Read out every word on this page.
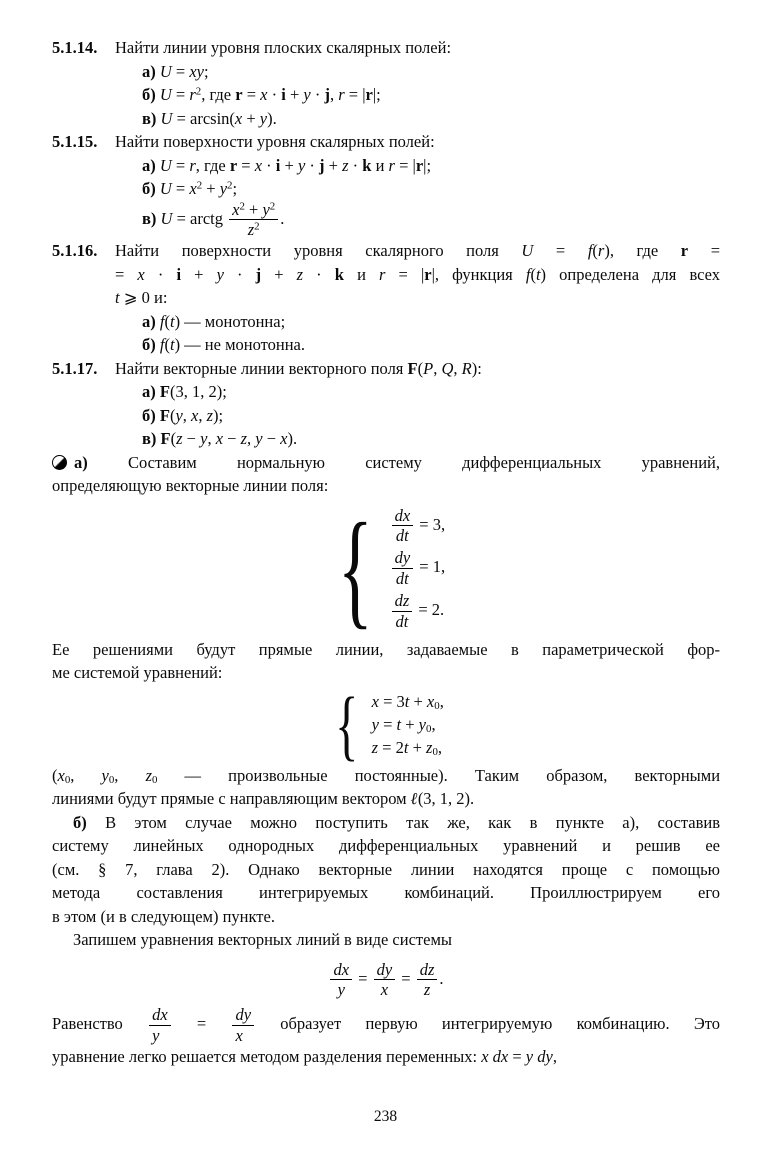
5.1.14. Найти линии уровня плоских скалярных полей:
а) U = xy;
б) $U = r^2$, где r = x · i + y · j, r = |r|;
в) U = arcsin(x + y).
5.1.15. Найти поверхности уровня скалярных полей:
а) U = r, где r = x · i + y · j + z · k и r = |r|;
б) $U = x^2 + y^2$;
в) U = arctg $\frac{x^2 + y^2}{z^2}$ .
5.1.16. Найти поверхности уровня скалярного поля U = f(r), где r =
= x · i + y · j + z · k и r = |r|, функция f(t) определена для всех
t ⩾ 0 и:
а) f(t) — монотонна;
б) f(t) — не монотонна.
5.1.17. Найти векторные линии векторного поля F(P, Q, R):
а) F(3, 1, 2);
б) F(y, x, z);
в) F(z − y, x − z, y − x).
а) Составим нормальную систему дифференциальных уравнений,
определяющую векторные линии поля:
{ $\frac{dx}{dt} = 3$,
$\frac{dy}{dt} = 1$,
$\frac{dz}{dt} = 2$.
Ее решениями будут прямые линии, задаваемые в параметрической фор-
ме системой уравнений:
{ x = 3t + x0,
y = t + y0,
z = 2t + z0,
(x0, y0, z0 — произвольные постоянные). Таким образом, векторными
линиями будут прямые с направляющим вектором ℓ(3, 1, 2).
б) В этом случае можно поступить так же, как в пункте а), составив
систему линейных однородных дифференциальных уравнений и решив ее
(см. § 7, глава 2). Однако векторные линии находятся проще с помощью
метода составления интегрируемых комбинаций. Проиллюстрируем его
в этом (и в следующем) пункте.
Запишем уравнения векторных линий в виде системы
$\frac{dx}{y} = \frac{dy}{x} = \frac{dz}{z}$ .
Равенство $\frac{dx}{y} = \frac{dy}{x}$ образует первую интегрируемую комбинацию. Это
уравнение легко решается методом разделения переменных: x dx = y dy,
238
